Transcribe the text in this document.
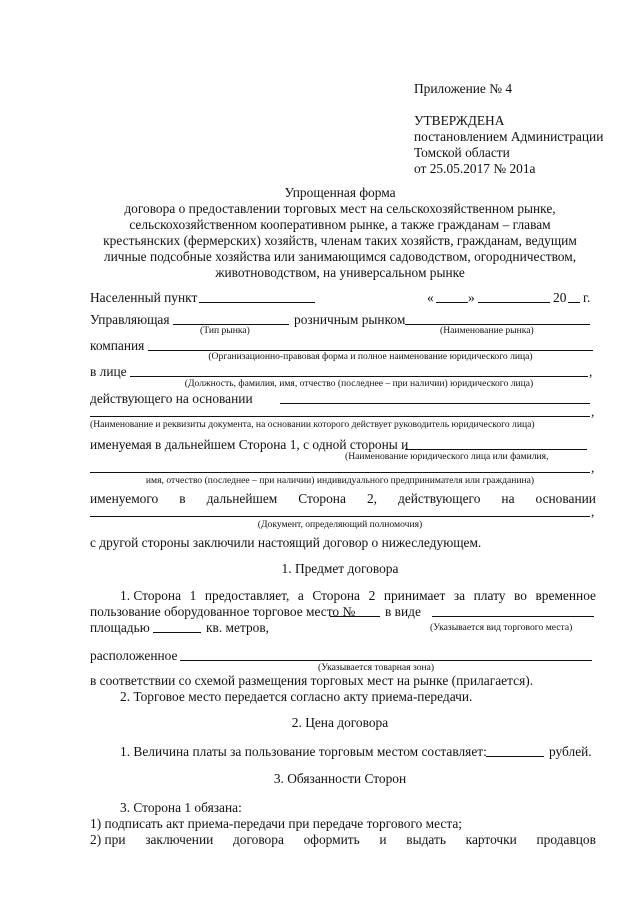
Приложение № 4
УТВЕРЖДЕНА
постановлением Администрации
Томской области
от 25.05.2017 № 201а
Упрощенная форма
договора о предоставлении торговых мест на сельскохозяйственном рынке,
сельскохозяйственном кооперативном рынке, а также гражданам – главам
крестьянских (фермерских) хозяйств, членам таких хозяйств, гражданам, ведущим
личные подсобные хозяйства или занимающимся садоводством, огородничеством,
животноводством, на универсальном рынке
Населенный пункт	«	»	20 г.
Управляющая	розничным рынком
(Тип рынка)	(Наименование рынка)
компания
(Организационно-правовая форма и полное наименование юридического лица)
в лице	,
(Должность, фамилия, имя, отчество (последнее – при наличии) юридического лица)
действующего на основании
,
(Наименование и реквизиты документа, на основании которого действует руководитель юридического лица)
именуемая в дальнейшем Сторона 1, с одной стороны и
(Наименование юридического лица или фамилия,
,
имя, отчество (последнее – при наличии) индивидуального предпринимателя или гражданина)
именуемого в дальнейшем Сторона 2, действующего на основании
,
(Документ, определяющий полномочия)
с другой стороны заключили настоящий договор о нижеследующем.
1. Предмет договора
1. Сторона 1 предоставляет, а Сторона 2 принимает за плату во временное
пользование оборудованное торговое место № в виде
площадью	кв. метров,	(Указывается вид торгового места)
расположенное
(Указывается товарная зона)
в соответствии со схемой размещения торговых мест на рынке (прилагается).
2. Торговое место передается согласно акту приема-передачи.
2. Цена договора
1. Величина платы за пользование торговым местом составляет:	рублей.
3. Обязанности Сторон
3. Сторона 1 обязана:
1) подписать акт приема-передачи при передаче торгового места;
2) при заключении договора оформить и выдать карточки продавцов
